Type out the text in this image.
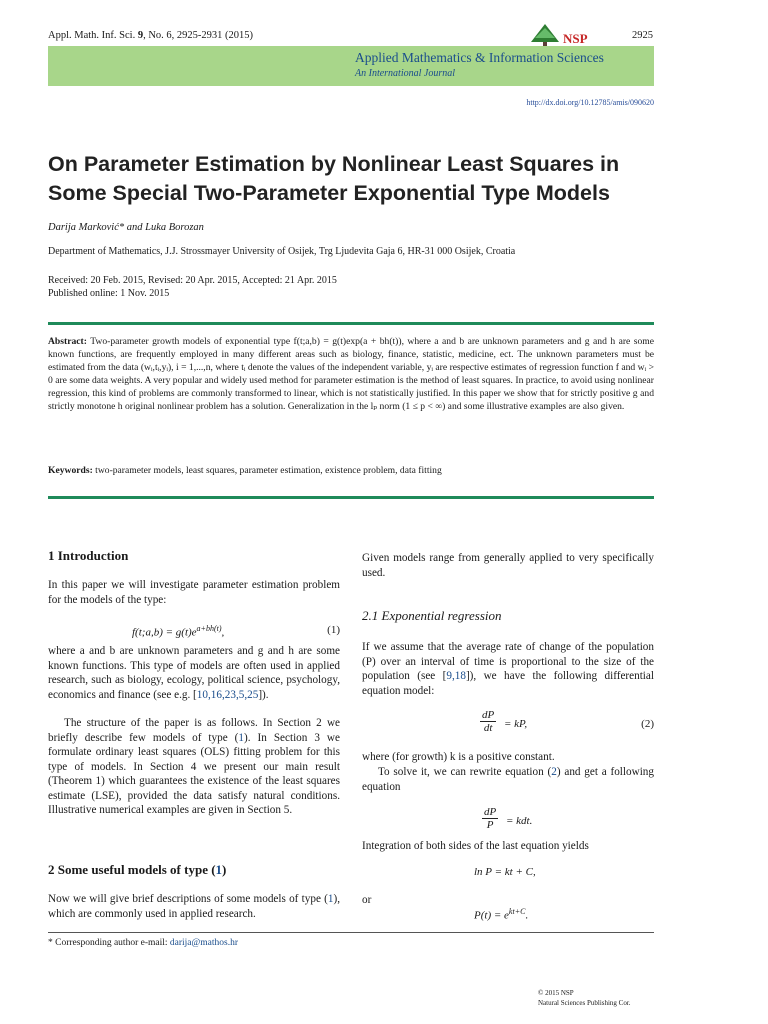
Appl. Math. Inf. Sci. 9, No. 6, 2925-2931 (2015)	2925
NSP
Applied Mathematics & Information Sciences
An International Journal
http://dx.doi.org/10.12785/amis/090620
On Parameter Estimation by Nonlinear Least Squares in
Some Special Two-Parameter Exponential Type Models
Darija Marković* and Luka Borozan
Department of Mathematics, J.J. Strossmayer University of Osijek, Trg Ljudevita Gaja 6, HR-31 000 Osijek, Croatia
Received: 20 Feb. 2015, Revised: 20 Apr. 2015, Accepted: 21 Apr. 2015
Published online: 1 Nov. 2015
Abstract: Two-parameter growth models of exponential type f(t;a,b) = g(t)exp(a + bh(t)), where a and b are unknown parameters and g and h are some known functions, are frequently employed in many different areas such as biology, finance, statistic, medicine, ect. The unknown parameters must be estimated from the data (wᵢ,tᵢ,yᵢ), i = 1,...,n, where tᵢ denote the values of the independent variable, yᵢ are respective estimates of regression function f and wᵢ > 0 are some data weights. A very popular and widely used method for parameter estimation is the method of least squares. In practice, to avoid using nonlinear regression, this kind of problems are commonly transformed to linear, which is not statistically justified. In this paper we show that for strictly positive g and strictly monotone h original nonlinear problem has a solution. Generalization in the lₚ norm (1 ≤ p < ∞) and some illustrative examples are also given.
Keywords: two-parameter models, least squares, parameter estimation, existence problem, data fitting
1 Introduction
In this paper we will investigate parameter estimation problem for the models of the type:
f(t;a,b) = $g(t)e^{a+bh(t)}$,	(1)
where a and b are unknown parameters and g and h are some known functions. This type of models are often used in applied research, such as biology, ecology, political science, psychology, economics and finance (see e.g. [10,16,23,5,25]).
The structure of the paper is as follows. In Section 2 we briefly describe few models of type (1). In Section 3 we formulate ordinary least squares (OLS) fitting problem for this type of models. In Section 4 we present our main result (Theorem 1) which guarantees the existence of the least squares estimate (LSE), provided the data satisfy natural conditions. Illustrative numerical examples are given in Section 5.
2 Some useful models of type (1)
Now we will give brief descriptions of some models of type (1), which are commonly used in applied research.
Given models range from generally applied to very specifically used.
2.1 Exponential regression
If we assume that the average rate of change of the population (P) over an interval of time is proportional to the size of the population (see [9,18]), we have the following differential equation model:
$\frac{dP}{dt}$ = kP,	(2)
where (for growth) k is a positive constant.
To solve it, we can rewrite equation (2) and get a following equation
$\frac{dP}{P}$ = kdt.
Integration of both sides of the last equation yields
ln P = kt + C,
or
$P(t) = e^{kt+C}$.
* Corresponding author e-mail: darija@mathos.hr
© 2015 NSP
Natural Sciences Publishing Cor.
